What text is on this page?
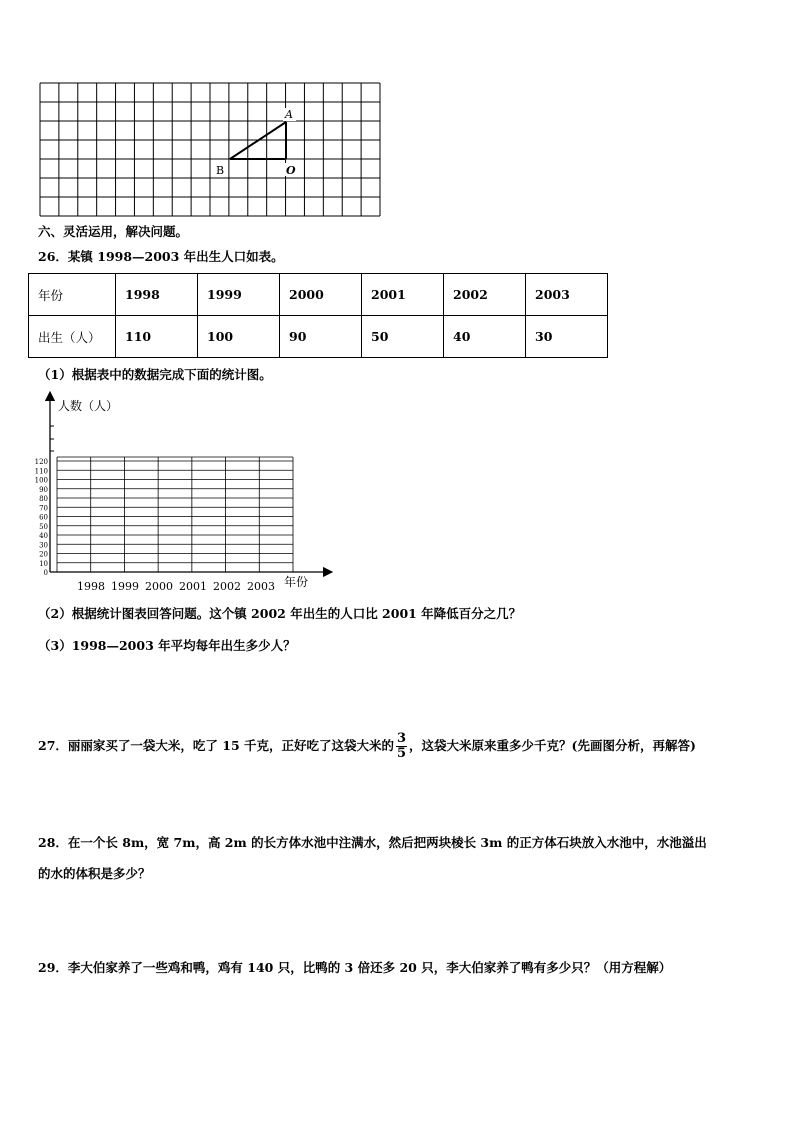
A
B	O
六、灵活运用，解决问题。
26．某镇 1998—2003 年出生人口如表。
年份	1998	1999	2000	2001	2002	2003
出生（人）	110	100	90	50	40	30
（1）根据表中的数据完成下面的统计图。
人数（人）
年份
0
10
20
30
40
50
60
70
80
90
100
110
120
1998 1999 2000 2001 2002 2003
（2）根据统计图表回答问题。这个镇 2002 年出生的人口比 2001 年降低百分之几？
（3）1998—2003 年平均每年出生多少人？
27．丽丽家买了一袋大米，吃了 15 千克，正好吃了这袋大米的 $\frac{3}{5}$ ，这袋大米原来重多少千克？(先画图分析，再解答)
28．在一个长 8m，宽 7m，高 2m 的长方体水池中注满水，然后把两块棱长 3m 的正方体石块放入水池中，水池溢出
的水的体积是多少？
29．李大伯家养了一些鸡和鸭，鸡有 140 只，比鸭的 3 倍还多 20 只，李大伯家养了鸭有多少只？（用方程解）
